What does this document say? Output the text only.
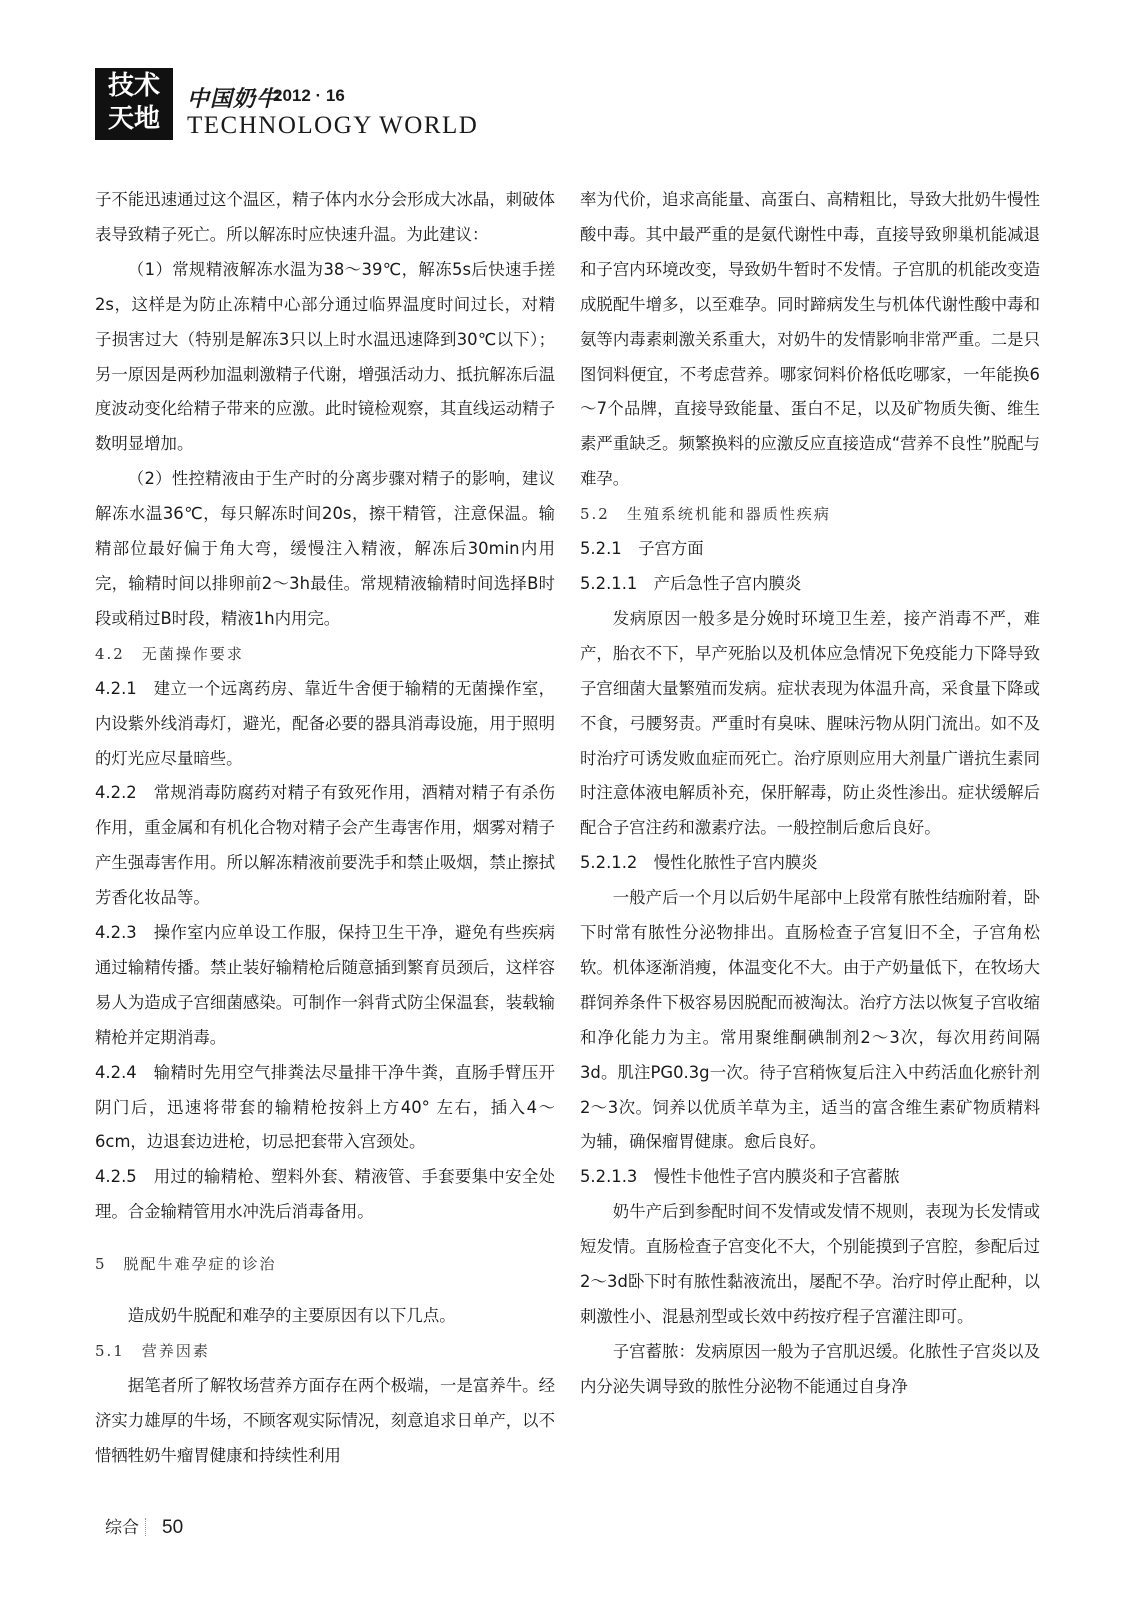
技术
天地
中国奶牛
2012 · 16
TECHNOLOGY WORLD

子不能迅速通过这个温区，精子体内水分会形成大冰晶，刺破体表导致精子死亡。所以解冻时应快速升温。为此建议：

（1）常规精液解冻水温为38～39℃，解冻5s后快速手搓2s，这样是为防止冻精中心部分通过临界温度时间过长，对精子损害过大（特别是解冻3只以上时水温迅速降到30℃以下）；另一原因是两秒加温刺激精子代谢，增强活动力、抵抗解冻后温度波动变化给精子带来的应激。此时镜检观察，其直线运动精子数明显增加。

（2）性控精液由于生产时的分离步骤对精子的影响，建议解冻水温36℃，每只解冻时间20s，擦干精管，注意保温。输精部位最好偏于角大弯，缓慢注入精液，解冻后30min内用完，输精时间以排卵前2～3h最佳。常规精液输精时间选择B时段或稍过B时段，精液1h内用完。

4.2　无菌操作要求

4.2.1　建立一个远离药房、靠近牛舍便于输精的无菌操作室，内设紫外线消毒灯，避光，配备必要的器具消毒设施，用于照明的灯光应尽量暗些。

4.2.2　常规消毒防腐药对精子有致死作用，酒精对精子有杀伤作用，重金属和有机化合物对精子会产生毒害作用，烟雾对精子产生强毒害作用。所以解冻精液前要洗手和禁止吸烟，禁止擦拭芳香化妆品等。

4.2.3　操作室内应单设工作服，保持卫生干净，避免有些疾病通过输精传播。禁止装好输精枪后随意插到繁育员颈后，这样容易人为造成子宫细菌感染。可制作一斜背式防尘保温套，装载输精枪并定期消毒。

4.2.4　输精时先用空气排粪法尽量排干净牛粪，直肠手臂压开阴门后，迅速将带套的输精枪按斜上方40° 左右，插入4～6cm，边退套边进枪，切忌把套带入宫颈处。

4.2.5　用过的输精枪、塑料外套、精液管、手套要集中安全处理。合金输精管用水冲洗后消毒备用。

5　脱配牛难孕症的诊治

造成奶牛脱配和难孕的主要原因有以下几点。

5.1　营养因素

据笔者所了解牧场营养方面存在两个极端，一是富养牛。经济实力雄厚的牛场，不顾客观实际情况，刻意追求日单产，以不惜牺牲奶牛瘤胃健康和持续性利用

率为代价，追求高能量、高蛋白、高精粗比，导致大批奶牛慢性酸中毒。其中最严重的是氨代谢性中毒，直接导致卵巢机能减退和子宫内环境改变，导致奶牛暂时不发情。子宫肌的机能改变造成脱配牛增多，以至难孕。同时蹄病发生与机体代谢性酸中毒和氨等内毒素刺激关系重大，对奶牛的发情影响非常严重。二是只图饲料便宜，不考虑营养。哪家饲料价格低吃哪家，一年能换6～7个品牌，直接导致能量、蛋白不足，以及矿物质失衡、维生素严重缺乏。频繁换料的应激反应直接造成“营养不良性”脱配与难孕。

5.2　生殖系统机能和器质性疾病

5.2.1　子宫方面

5.2.1.1　产后急性子宫内膜炎

发病原因一般多是分娩时环境卫生差，接产消毒不严，难产，胎衣不下，早产死胎以及机体应急情况下免疫能力下降导致子宫细菌大量繁殖而发病。症状表现为体温升高，采食量下降或不食，弓腰努责。严重时有臭味、腥味污物从阴门流出。如不及时治疗可诱发败血症而死亡。治疗原则应用大剂量广谱抗生素同时注意体液电解质补充，保肝解毒，防止炎性渗出。症状缓解后配合子宫注药和激素疗法。一般控制后愈后良好。

5.2.1.2　慢性化脓性子宫内膜炎

一般产后一个月以后奶牛尾部中上段常有脓性结痂附着，卧下时常有脓性分泌物排出。直肠检查子宫复旧不全，子宫角松软。机体逐渐消瘦，体温变化不大。由于产奶量低下，在牧场大群饲养条件下极容易因脱配而被淘汰。治疗方法以恢复子宫收缩和净化能力为主。常用聚维酮碘制剂2～3次，每次用药间隔3d。肌注PG0.3g一次。待子宫稍恢复后注入中药活血化瘀针剂2～3次。饲养以优质羊草为主，适当的富含维生素矿物质精料为辅，确保瘤胃健康。愈后良好。

5.2.1.3　慢性卡他性子宫内膜炎和子宫蓄脓

奶牛产后到参配时间不发情或发情不规则，表现为长发情或短发情。直肠检查子宫变化不大，个别能摸到子宫腔，参配后过2～3d卧下时有脓性黏液流出，屡配不孕。治疗时停止配种，以刺激性小、混悬剂型或长效中药按疗程子宫灌注即可。

子宫蓄脓：发病原因一般为子宫肌迟缓。化脓性子宫炎以及内分泌失调导致的脓性分泌物不能通过自身净

综合 50
